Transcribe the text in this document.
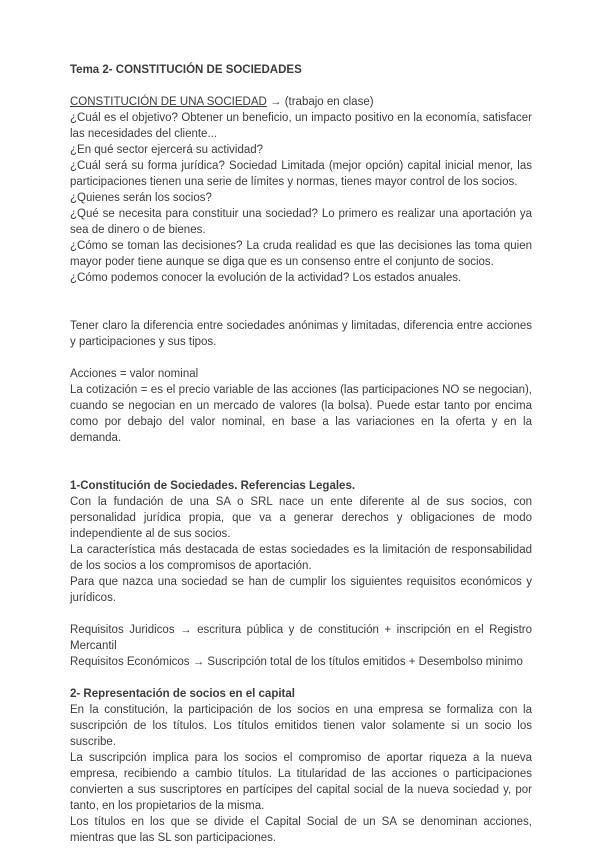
Tema 2- CONSTITUCIÓN DE SOCIEDADES

CONSTITUCIÓN DE UNA SOCIEDAD → (trabajo en clase)

¿Cuál es el objetivo? Obtener un beneficio, un impacto positivo en la economía, satisfacer las necesidades del cliente...

¿En qué sector ejercerá su actividad?

¿Cuál será su forma jurídica? Sociedad Limitada (mejor opción) capital inicial menor, las participaciones tienen una serie de límites y normas, tienes mayor control de los socios.

¿Quienes serán los socios?

¿Qué se necesita para constituir una sociedad? Lo primero es realizar una aportación ya sea de dinero o de bienes.

¿Cómo se toman las decisiones? La cruda realidad es que las decisiones las toma quien mayor poder tiene aunque se diga que es un consenso entre el conjunto de socios.

¿Cómo podemos conocer la evolución de la actividad? Los estados anuales.

Tener claro la diferencia entre sociedades anónimas y limitadas, diferencia entre acciones y participaciones y sus tipos.

Acciones = valor nominal

La cotización = es el precio variable de las acciones (las participaciones NO se negocian), cuando se negocian en un mercado de valores (la bolsa). Puede estar tanto por encima como por debajo del valor nominal, en base a las variaciones en la oferta y en la demanda.

1-Constitución de Sociedades. Referencias Legales.

Con la fundación de una SA o SRL nace un ente diferente al de sus socios, con personalidad jurídica propia, que va a generar derechos y obligaciones de modo independiente al de sus socios.

La característica más destacada de estas sociedades es la limitación de responsabilidad de los socios a los compromisos de aportación.

Para que nazca una sociedad se han de cumplir los siguientes requisitos económicos y jurídicos.

Requisitos Juridicos → escritura pública y de constitución + inscripción en el Registro Mercantil

Requisitos Económicos → Suscripción total de los títulos emitidos + Desembolso minimo

2- Representación de socios en el capital

En la constitución, la participación de los socios en una empresa se formaliza con la suscripción de los títulos. Los títulos emitidos tienen valor solamente si un socio los suscribe.

La suscripción implica para los socios el compromiso de aportar riqueza a la nueva empresa, recibiendo a cambio títulos. La titularidad de las acciones o participaciones convierten a sus suscriptores en partícipes del capital social de la nueva sociedad y, por tanto, en los propietarios de la misma.

Los títulos en los que se divide el Capital Social de un SA se denominan acciones, mientras que las SL son participaciones.
